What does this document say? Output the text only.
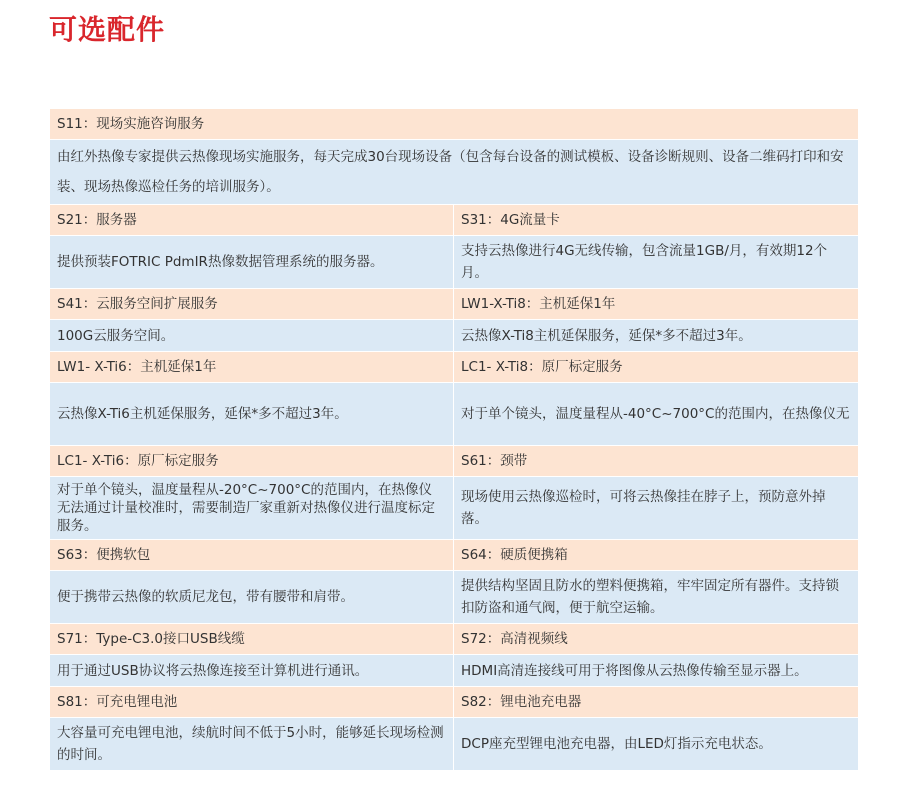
可选配件
S11：现场实施咨询服务	
由红外热像专家提供云热像现场实施服务，每天完成30台现场设备（包含每台设备的测试模板、设备诊断规则、设备二维码打印和安装、现场热像巡检任务的培训服务）。	
S21：服务器	S31：4G流量卡
提供预装FOTRIC PdmIR热像数据管理系统的服务器。	支持云热像进行4G无线传输，包含流量1GB/月，有效期12个月。
S41：云服务空间扩展服务	LW1-X-Ti8：主机延保1年
100G云服务空间。	云热像X-Ti8主机延保服务，延保*多不超过3年。
LW1- X-Ti6：主机延保1年	LC1- X-Ti8：原厂标定服务
云热像X-Ti6主机延保服务，延保*多不超过3年。	对于单个镜头，温度量程从-40°C~700°C的范围内，在热像仪无
LC1- X-Ti6：原厂标定服务	S61：颈带
对于单个镜头，温度量程从-20°C~700°C的范围内，在热像仪无法通过计量校准时，需要制造厂家重新对热像仪进行温度标定服务。	现场使用云热像巡检时，可将云热像挂在脖子上，预防意外掉落。
S63：便携软包	S64：硬质便携箱
便于携带云热像的软质尼龙包，带有腰带和肩带。	提供结构坚固且防水的塑料便携箱，牢牢固定所有器件。支持锁扣防盗和通气阀，便于航空运输。
S71：Type-C3.0接口USB线缆	S72：高清视频线
用于通过USB协议将云热像连接至计算机进行通讯。	HDMI高清连接线可用于将图像从云热像传输至显示器上。
S81：可充电锂电池	S82：锂电池充电器
大容量可充电锂电池，续航时间不低于5小时，能够延长现场检测的时间。	DCP座充型锂电池充电器，由LED灯指示充电状态。
